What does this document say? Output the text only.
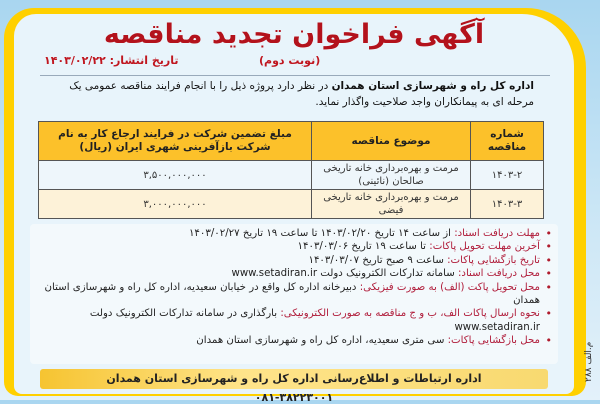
آگهی فراخوان تجدید مناقصه
(نوبت دوم)
تاریخ انتشار: ۱۴۰۳/۰۲/۲۲
اداره کل راه و شهرسازی استان همدان در نظر دارد پروژه ذیل را با انجام فرایند مناقصه عمومی یک مرحله ای به پیمانکاران واجد صلاحیت واگذار نماید.
شماره مناقصه	موضوع مناقصه	مبلغ تضمین شرکت در فرایند ارجاع کار به نام شرکت بازآفرینی شهری ایران (ریال)
۱۴۰۳-۲	مرمت و بهره‌برداری خانه تاریخی صالحان (نائینی)	۳,۵۰۰,۰۰۰,۰۰۰
۱۴۰۳-۳	مرمت و بهره‌برداری خانه تاریخی فیضی	۳,۰۰۰,۰۰۰,۰۰۰
• مهلت دریافت اسناد: از ساعت ۱۴ تاریخ ۱۴۰۳/۰۲/۲۰ تا ساعت ۱۹ تاریخ ۱۴۰۳/۰۲/۲۷
• آخرین مهلت تحویل پاکات: تا ساعت ۱۹ تاریخ ۱۴۰۳/۰۳/۰۶
• تاریخ بازگشایی پاکات: ساعت ۹ صبح تاریخ ۱۴۰۳/۰۳/۰۷
• محل دریافت اسناد: سامانه تدارکات الکترونیک دولت www.setadiran.ir
• محل تحویل پاکت (الف) به صورت فیزیکی: دبیرخانه اداره کل واقع در خیابان سعیدیه، اداره کل راه و شهرسازی استان همدان
• نحوه ارسال پاکات الف، ب و ج مناقصه به صورت الکترونیکی: بارگذاری در سامانه تدارکات الکترونیک دولت www.setadiran.ir
• محل بازگشایی پاکات: سی متری سعیدیه، اداره کل راه و شهرسازی استان همدان
اداره ارتباطات و اطلاع‌رسانی اداره کل راه و شهرسازی استان همدان
۰۸۱-۳۸۲۲۳۰۰۱
م.الف ۲۸۸
